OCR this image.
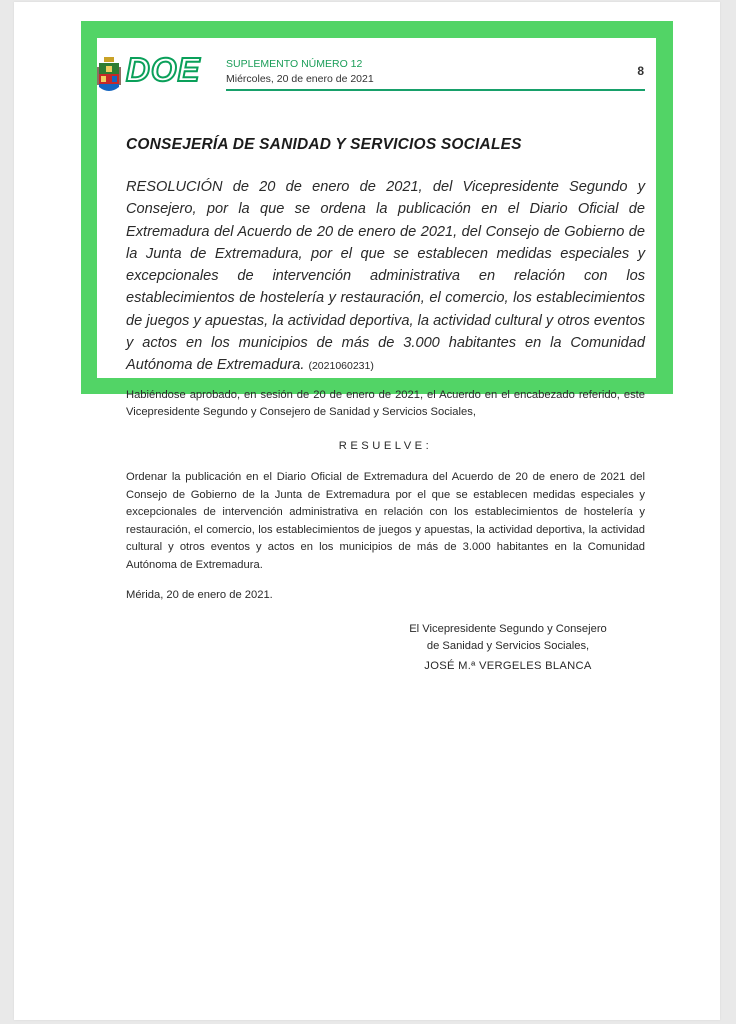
DOE SUPLEMENTO NÚMERO 12
Miércoles, 20 de enero de 2021
8
CONSEJERÍA DE SANIDAD Y SERVICIOS SOCIALES
RESOLUCIÓN de 20 de enero de 2021, del Vicepresidente Segundo y Consejero, por la que se ordena la publicación en el Diario Oficial de Extremadura del Acuerdo de 20 de enero de 2021, del Consejo de Gobierno de la Junta de Extremadura, por el que se establecen medidas especiales y excepcionales de intervención administrativa en relación con los establecimientos de hostelería y restauración, el comercio, los establecimientos de juegos y apuestas, la actividad deportiva, la actividad cultural y otros eventos y actos en los municipios de más de 3.000 habitantes en la Comunidad Autónoma de Extremadura. (2021060231)
Habiéndose aprobado, en sesión de 20 de enero de 2021, el Acuerdo en el encabezado referido, este Vicepresidente Segundo y Consejero de Sanidad y Servicios Sociales,
RESUELVE:
Ordenar la publicación en el Diario Oficial de Extremadura del Acuerdo de 20 de enero de 2021 del Consejo de Gobierno de la Junta de Extremadura por el que se establecen medidas especiales y excepcionales de intervención administrativa en relación con los establecimientos de hostelería y restauración, el comercio, los establecimientos de juegos y apuestas, la actividad deportiva, la actividad cultural y otros eventos y actos en los municipios de más de 3.000 habitantes en la Comunidad Autónoma de Extremadura.
Mérida, 20 de enero de 2021.
El Vicepresidente Segundo y Consejero
de Sanidad y Servicios Sociales,
JOSÉ M.ª VERGELES BLANCA
